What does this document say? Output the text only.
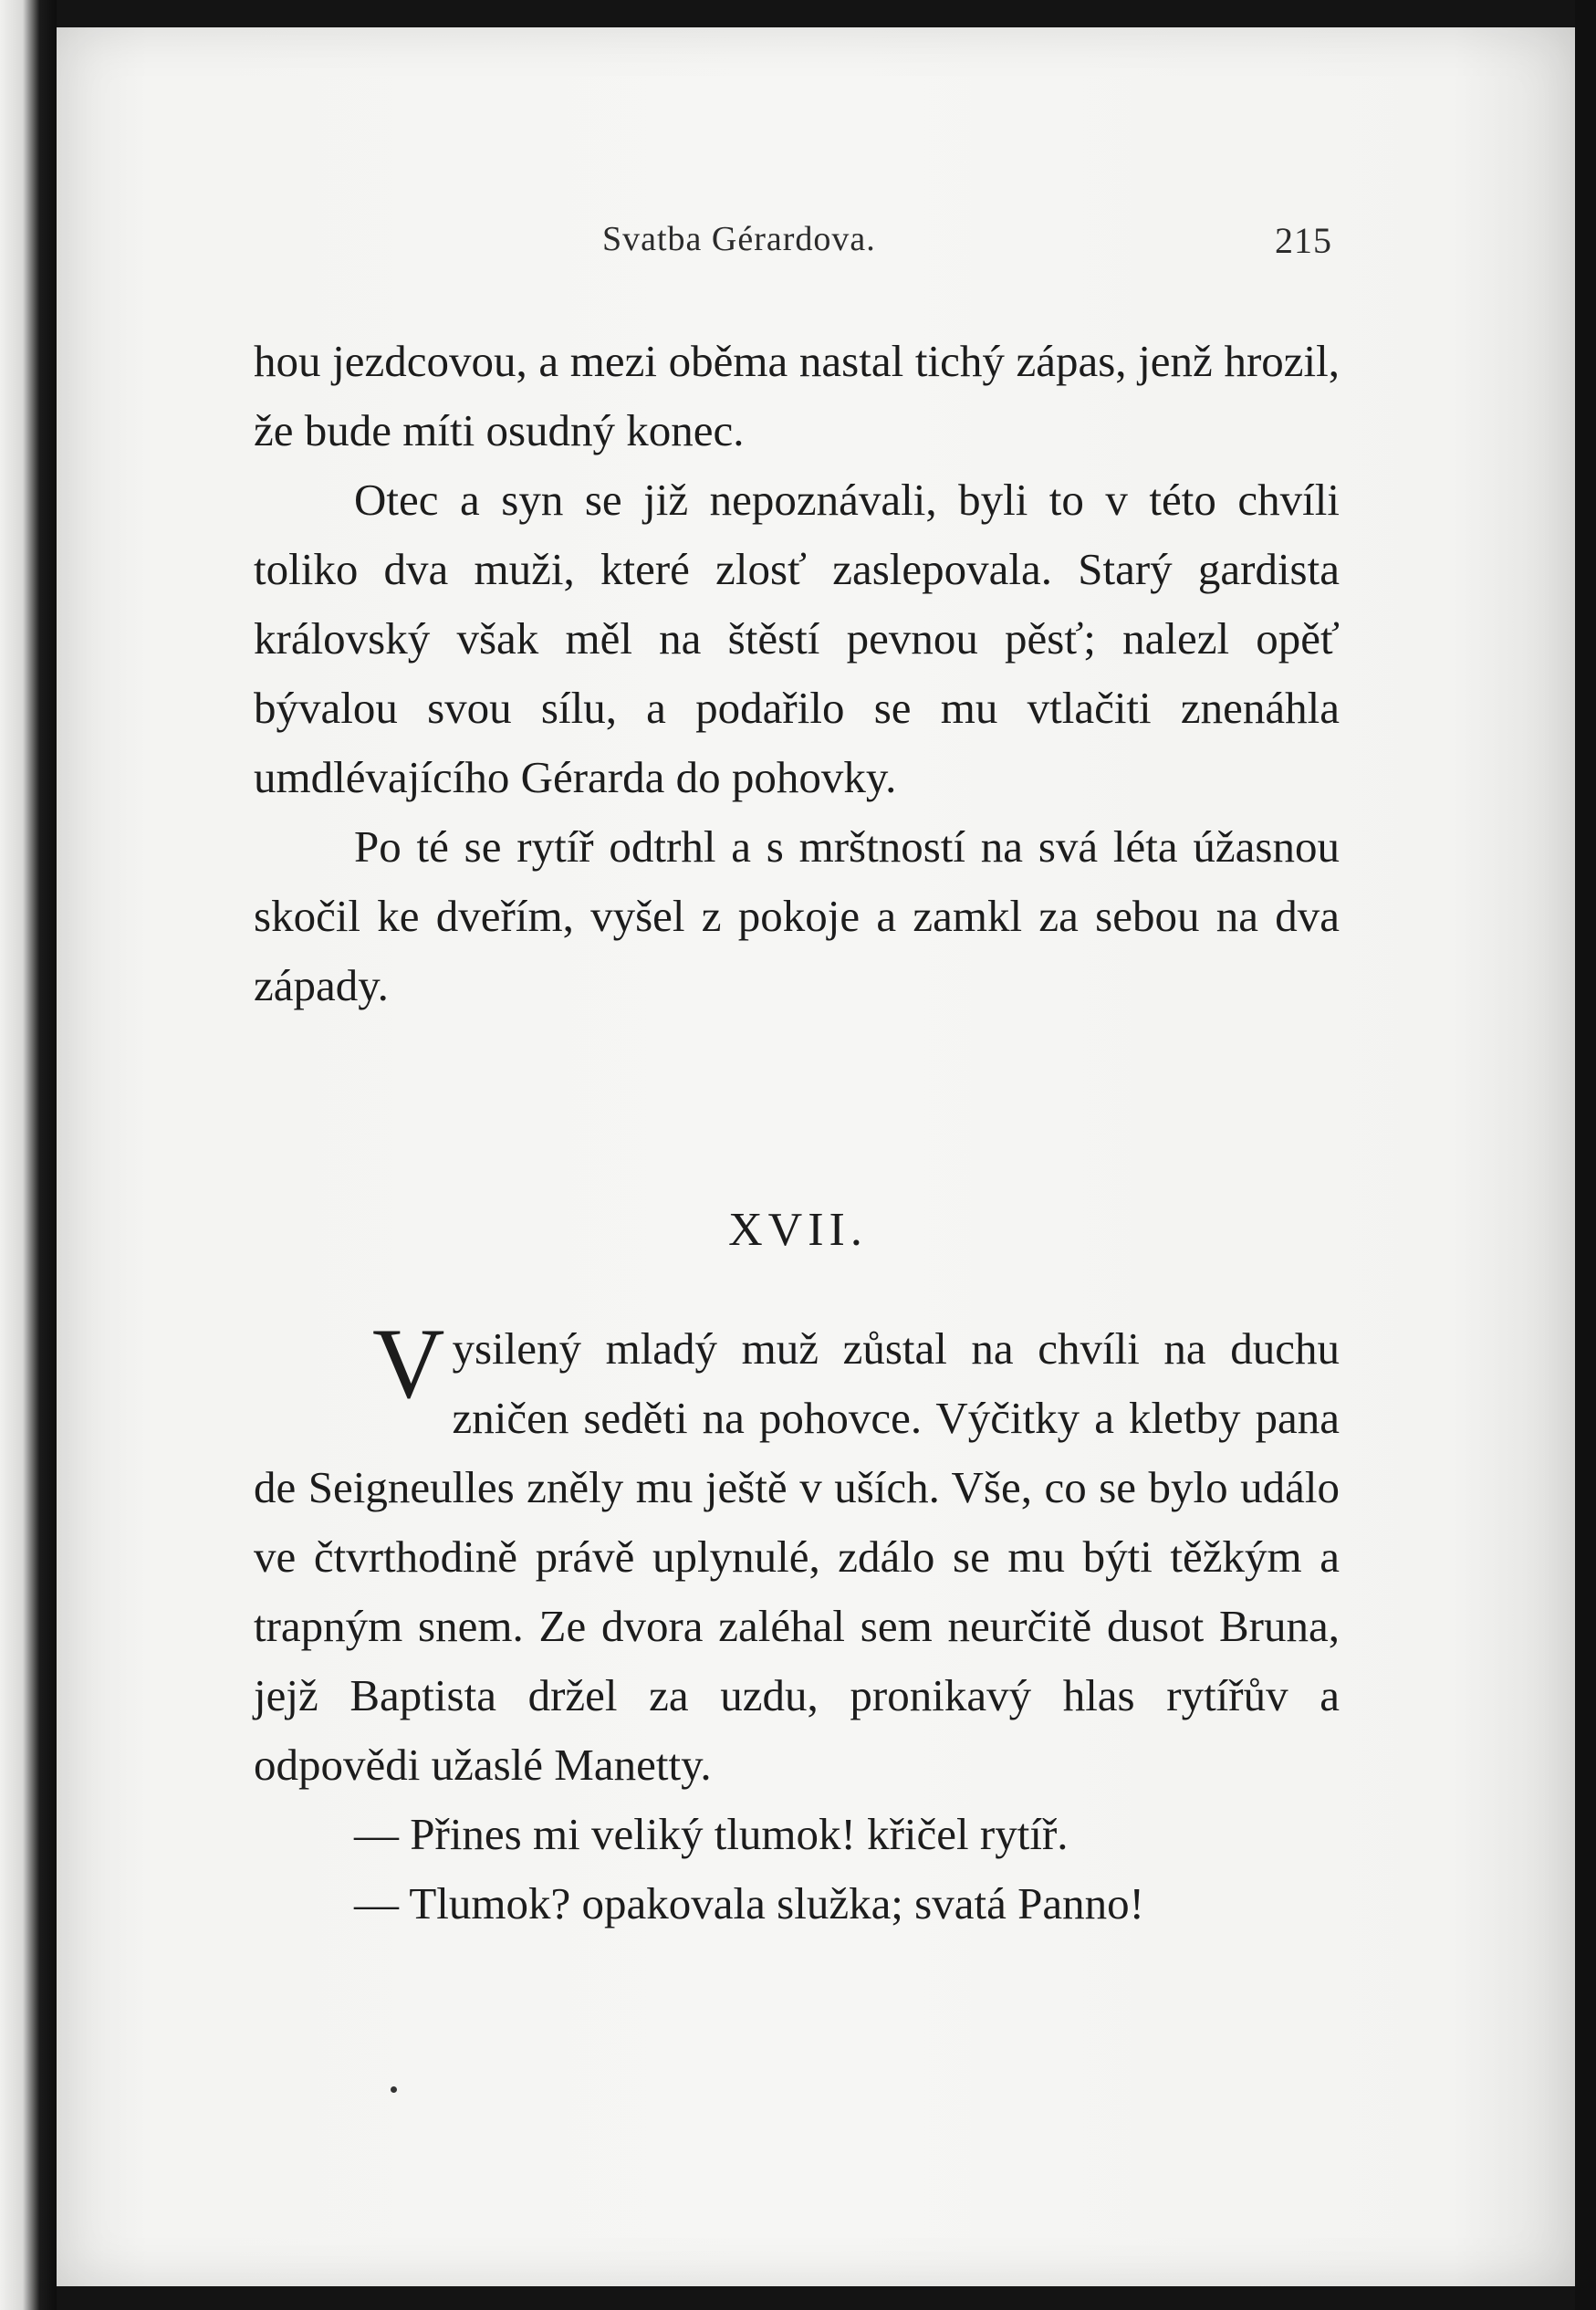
Svatba Gérardova.	215

hou jezdcovou, a mezi oběma nastal tichý zápas, jenž hrozil, že bude míti osudný konec.

Otec a syn se již nepoznávali, byli to v této chvíli toliko dva muži, které zlosť zaslepovala. Starý gardista královský však měl na štěstí pevnou pěsť; nalezl opěť bývalou svou sílu, a podařilo se mu vtlačiti znenáhla umdlévajícího Gérarda do pohovky.

Po té se rytíř odtrhl a s mrštností na svá léta úžasnou skočil ke dveřím, vyšel z pokoje a zamkl za sebou na dva západy.

XVII.

V ysilený mladý muž zůstal na chvíli na duchu zničen seděti na pohovce. Výčitky a kletby pana de Seigneulles zněly mu ještě v uších. Vše, co se bylo událo ve čtvrthodině právě uplynulé, zdálo se mu býti těžkým a trapným snem. Ze dvora zaléhal sem neurčitě dusot Bruna, jejž Baptista držel za uzdu, pronikavý hlas rytířův a odpovědi užaslé Manetty.

— Přines mi veliký tlumok! křičel rytíř.

— Tlumok? opakovala služka; svatá Panno!
